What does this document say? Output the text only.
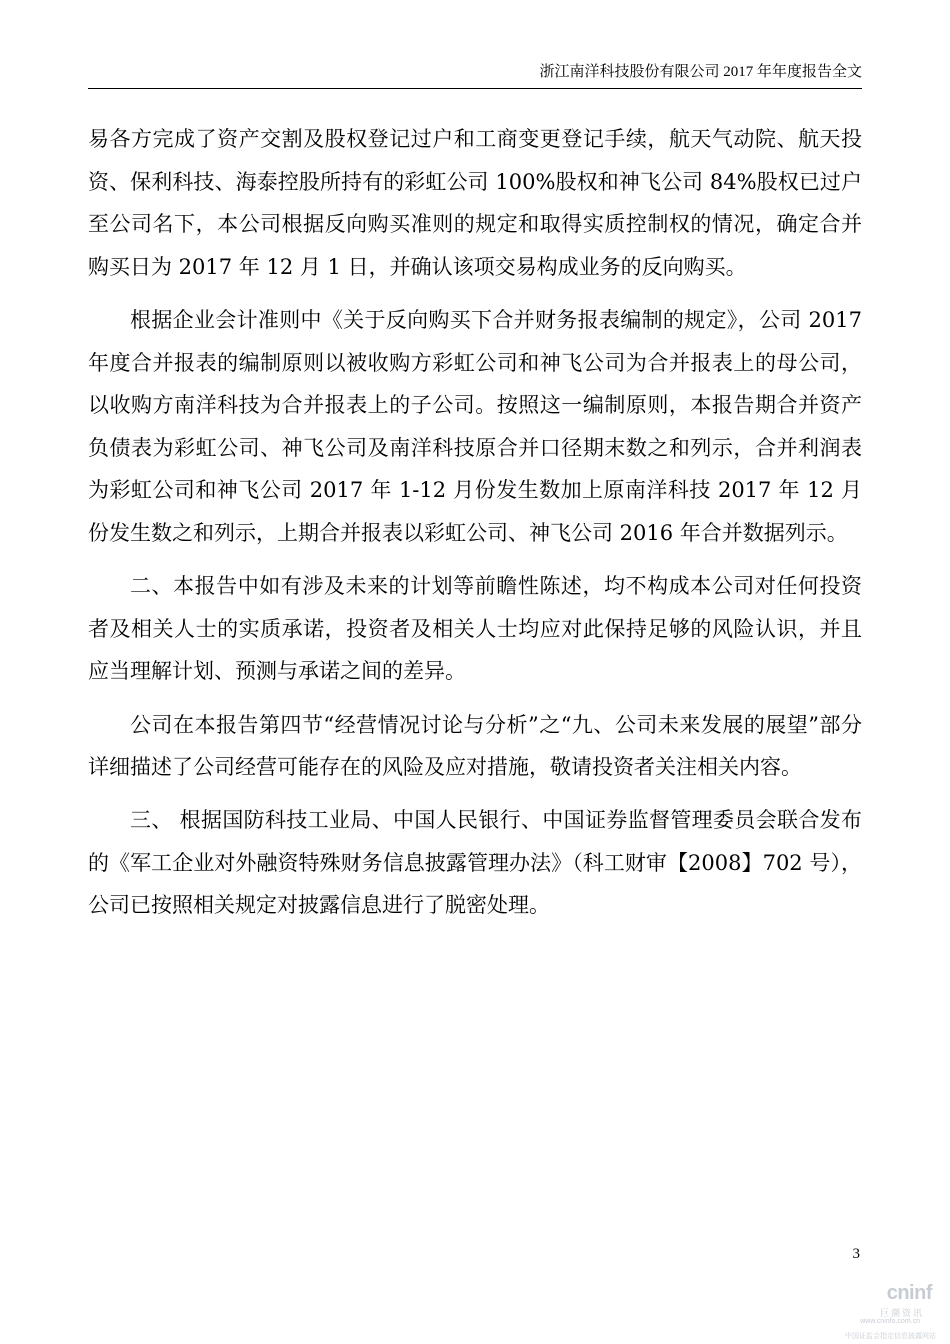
浙江南洋科技股份有限公司 2017 年年度报告全文

易各方完成了资产交割及股权登记过户和工商变更登记手续，航天气动院、航天投资、保利科技、海泰控股所持有的彩虹公司 100%股权和神飞公司 84%股权已过户至公司名下，本公司根据反向购买准则的规定和取得实质控制权的情况，确定合并购买日为 2017 年 12 月 1 日，并确认该项交易构成业务的反向购买。

根据企业会计准则中《关于反向购买下合并财务报表编制的规定》，公司 2017 年度合并报表的编制原则以被收购方彩虹公司和神飞公司为合并报表上的母公司，以收购方南洋科技为合并报表上的子公司。按照这一编制原则，本报告期合并资产负债表为彩虹公司、神飞公司及南洋科技原合并口径期末数之和列示，合并利润表为彩虹公司和神飞公司 2017 年 1-12 月份发生数加上原南洋科技 2017 年 12 月份发生数之和列示，上期合并报表以彩虹公司、神飞公司 2016 年合并数据列示。

二、本报告中如有涉及未来的计划等前瞻性陈述，均不构成本公司对任何投资者及相关人士的实质承诺，投资者及相关人士均应对此保持足够的风险认识，并且应当理解计划、预测与承诺之间的差异。

公司在本报告第四节“经营情况讨论与分析”之“九、公司未来发展的展望”部分详细描述了公司经营可能存在的风险及应对措施，敬请投资者关注相关内容。

三、 根据国防科技工业局、中国人民银行、中国证券监督管理委员会联合发布的《军工企业对外融资特殊财务信息披露管理办法》（科工财审【2008】702 号），公司已按照相关规定对披露信息进行了脱密处理。

3
cninf
巨潮资讯
www.cninfo.com.cn
中国证监会指定信息披露网站
